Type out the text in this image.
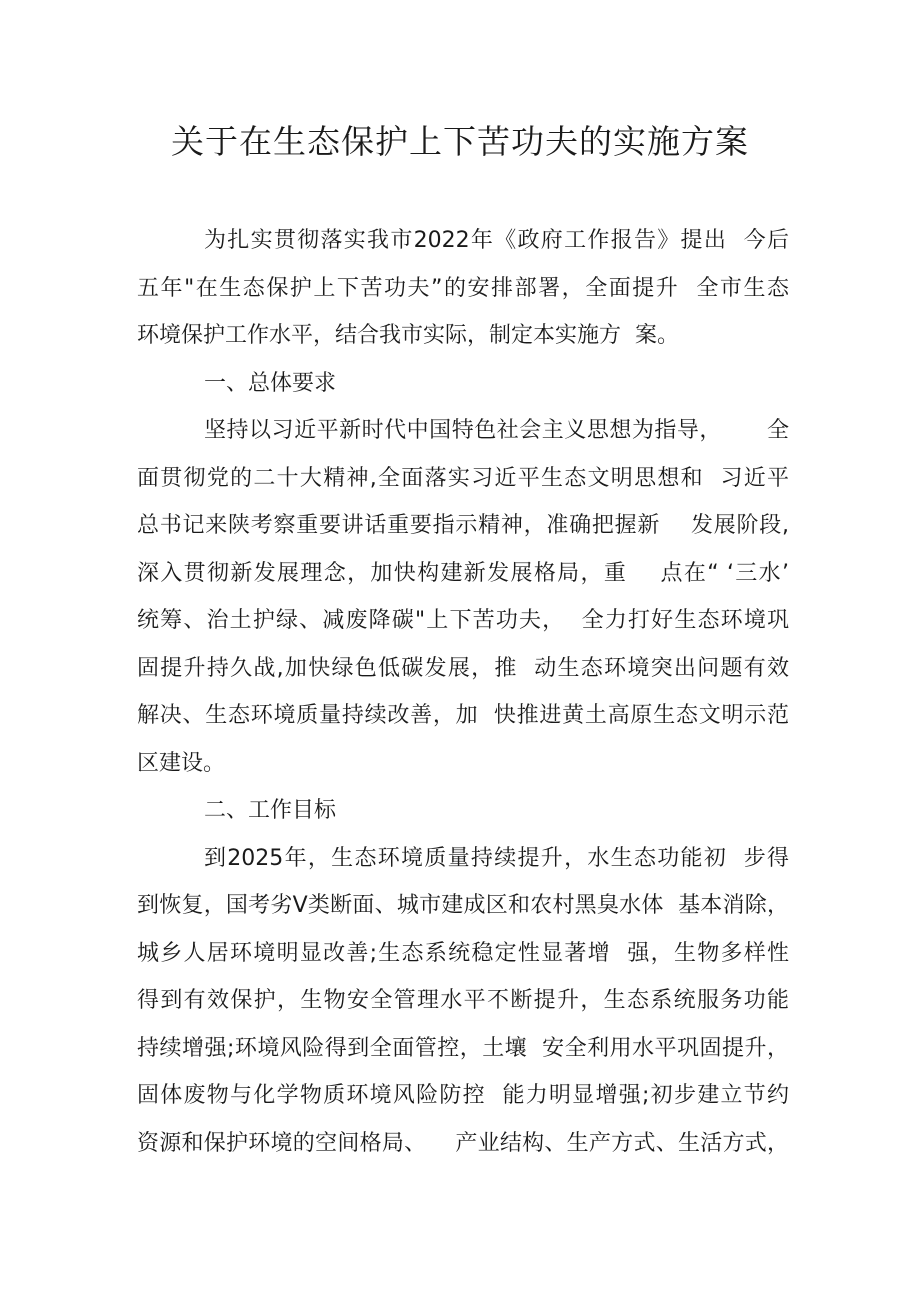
关于在生态保护上下苦功夫的实施方案
为扎实贯彻落实我市2022年《政府工作报告》提出  今后
五年"在生态保护上下苦功夫”的安排部署，全面提升  全市生态
环境保护工作水平，结合我市实际，制定本实施方  案。
一、总体要求
坚持以习近平新时代中国特色社会主义思想为指导，      全
面贯彻党的二十大精神,全面落实习近平生态文明思想和  习近平
总书记来陕考察重要讲话重要指示精神，准确把握新    发展阶段,
深入贯彻新发展理念，加快构建新发展格局，重    点在“ ‘三水’
统筹、治土护绿、减废降碳"上下苦功夫，  全力打好生态环境巩
固提升持久战,加快绿色低碳发展，推  动生态环境突出问题有效
解决、生态环境质量持续改善，加  快推进黄土高原生态文明示范
区建设。
二、工作目标
到2025年，生态环境质量持续提升，水生态功能初  步得
到恢复，国考劣V类断面、城市建成区和农村黑臭水体  基本消除，
城乡人居环境明显改善;生态系统稳定性显著增  强，生物多样性
得到有效保护，生物安全管理水平不断提升，生态系统服务功能
持续增强;环境风险得到全面管控，土壤  安全利用水平巩固提升，
固体废物与化学物质环境风险防控  能力明显增强;初步建立节约
资源和保护环境的空间格局、    产业结构、生产方式、生活方式，
